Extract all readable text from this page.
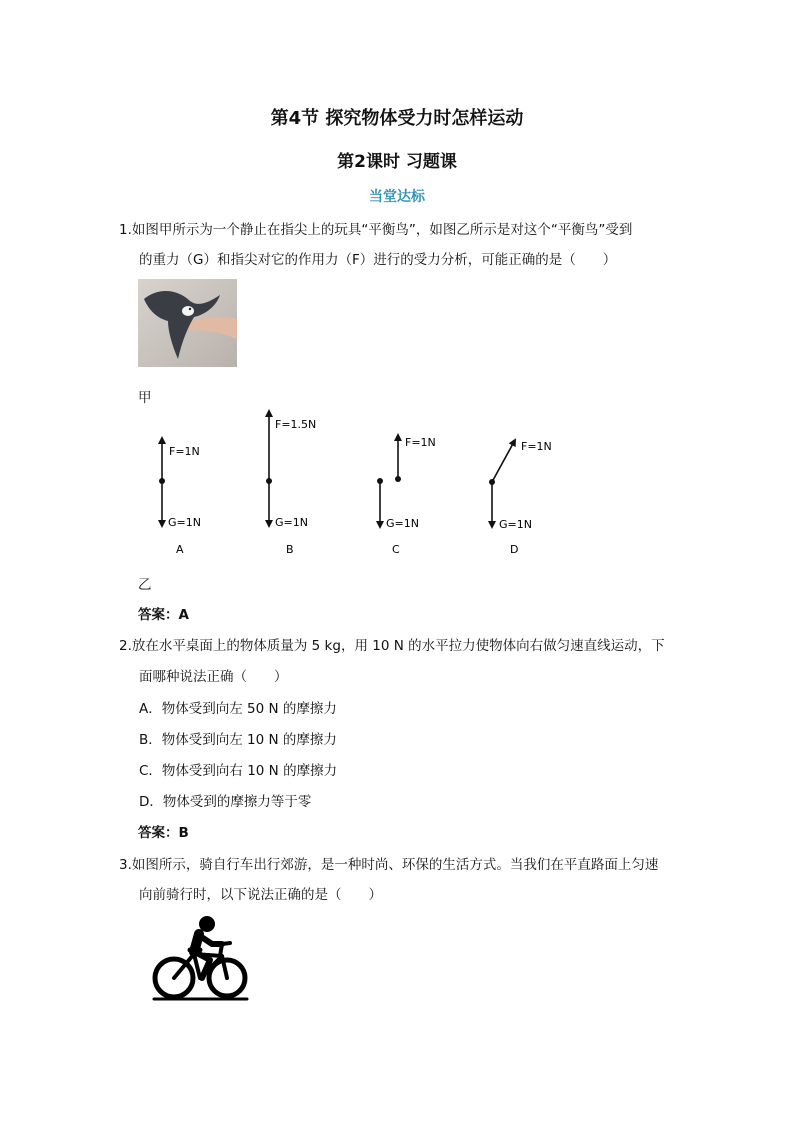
第4节 探究物体受力时怎样运动
第2课时 习题课
当堂达标
1.如图甲所示为一个静止在指尖上的玩具“平衡鸟”，如图乙所示是对这个“平衡鸟”受到
的重力（G）和指尖对它的作用力（F）进行的受力分析，可能正确的是（　　）
甲
F=1N
G=1N
A
F=1.5N
G=1N
B
F=1N
G=1N
C
F=1N
G=1N
D
乙
答案：A
2.放在水平桌面上的物体质量为 5 kg，用 10 N 的水平拉力使物体向右做匀速直线运动，下
面哪种说法正确（　　）
A．物体受到向左 50 N 的摩擦力
B．物体受到向左 10 N 的摩擦力
C．物体受到向右 10 N 的摩擦力
D．物体受到的摩擦力等于零
答案：B
3.如图所示，骑自行车出行郊游，是一种时尚、环保的生活方式。当我们在平直路面上匀速
向前骑行时，以下说法正确的是（　　）
